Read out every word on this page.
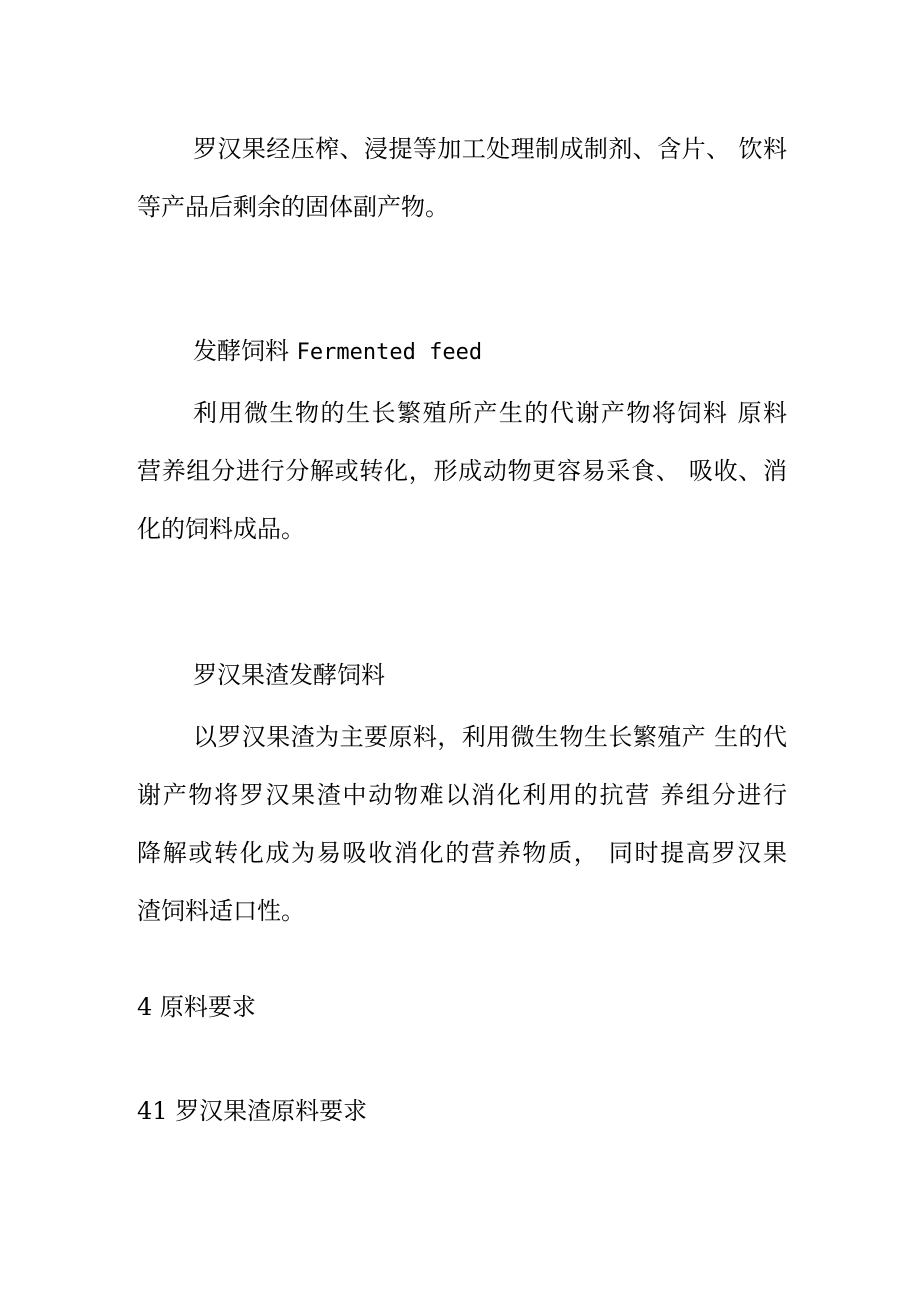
罗汉果经压榨、浸提等加工处理制成制剂、含片、 饮料

等产品后剩余的固体副产物。

发酵饲料 Fermented feed

利用微生物的生长繁殖所产生的代谢产物将饲料 原料

营养组分进行分解或转化，形成动物更容易采食、 吸收、消

化的饲料成品。

罗汉果渣发酵饲料

以罗汉果渣为主要原料，利用微生物生长繁殖产 生的代

谢产物将罗汉果渣中动物难以消化利用的抗营 养组分进行

降解或转化成为易吸收消化的营养物质， 同时提高罗汉果

渣饲料适口性。

4 原料要求

41 罗汉果渣原料要求
